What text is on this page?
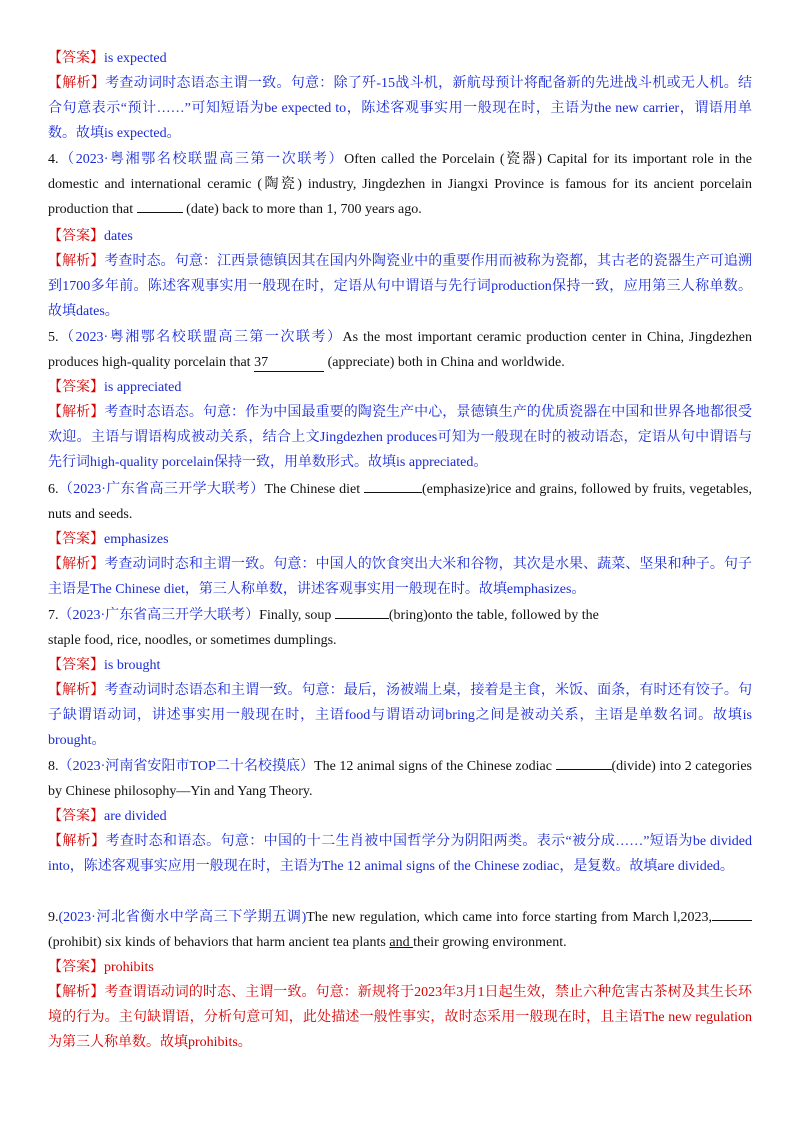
【答案】is expected

【解析】考查动词时态语态主谓一致。句意：除了歼-15战斗机，新航母预计将配备新的先进战斗机或无人机。结合句意表示“预计……”可知短语为be expected to，陈述客观事实用一般现在时，主语为the new carrier，谓语用单数。故填is expected。

4.（2023·粤湘鄂名校联盟高三第一次联考）Often called the Porcelain (瓷器) Capital for its important role in the domestic and international ceramic (陶瓷) industry, Jingdezhen in Jiangxi Province is famous for its ancient porcelain production that	(date) back to more than 1, 700 years ago.

【答案】dates

【解析】考查时态。句意：江西景德镇因其在国内外陶瓷业中的重要作用而被称为瓷都，其古老的瓷器生产可追溯到1700多年前。陈述客观事实用一般现在时，定语从句中谓语与先行词production保持一致，应用第三人称单数。故填dates。

5.（2023·粤湘鄂名校联盟高三第一次联考）As the most important ceramic production center in China, Jingdezhen produces high-quality porcelain that 37	(appreciate) both in China and worldwide.

【答案】is appreciated

【解析】考查时态语态。句意：作为中国最重要的陶瓷生产中心，景德镇生产的优质瓷器在中国和世界各地都很受欢迎。主语与谓语构成被动关系，结合上文Jingdezhen produces可知为一般现在时的被动语态，定语从句中谓语与先行词high-quality porcelain保持一致，用单数形式。故填is appreciated。

6.（2023·广东省高三开学大联考）The Chinese diet	(emphasize)rice and grains, followed by fruits, vegetables, nuts and seeds.

【答案】emphasizes

【解析】考查动词时态和主谓一致。句意：中国人的饮食突出大米和谷物，其次是水果、蔬菜、坚果和种子。句子主语是The Chinese diet，第三人称单数，讲述客观事实用一般现在时。故填emphasizes。

7.（2023·广东省高三开学大联考）Finally, soup	(bring)onto the table, followed by the staple food, rice, noodles, or sometimes dumplings.

【答案】is brought

【解析】考查动词时态语态和主谓一致。句意：最后，汤被端上桌，接着是主食，米饭、面条，有时还有饺子。句子缺谓语动词，讲述事实用一般现在时，主语food与谓语动词bring之间是被动关系，主语是单数名词。故填is brought。

8.（2023·河南省安阳市TOP二十名校摸底）The 12 animal signs of the Chinese zodiac	(divide) into 2 categories by Chinese philosophy—Yin and Yang Theory.

【答案】are divided

【解析】考查时态和语态。句意：中国的十二生肖被中国哲学分为阴阳两类。表示“被分成……”短语为be divided into，陈述客观事实应用一般现在时，主语为The 12 animal signs of the Chinese zodiac，是复数。故填are divided。

9.(2023·河北省衡水中学高三下学期五调)The new regulation, which came into force starting from March l,2023, (prohibit) six kinds of behaviors that harm ancient tea plants and their growing environment.

【答案】prohibits

【解析】考查谓语动词的时态、主谓一致。句意：新规将于2023年3月1日起生效，禁止六种危害古茶树及其生长环境的行为。主句缺谓语，分析句意可知，此处描述一般性事实，故时态采用一般现在时，且主语The new regulation为第三人称单数。故填prohibits。
